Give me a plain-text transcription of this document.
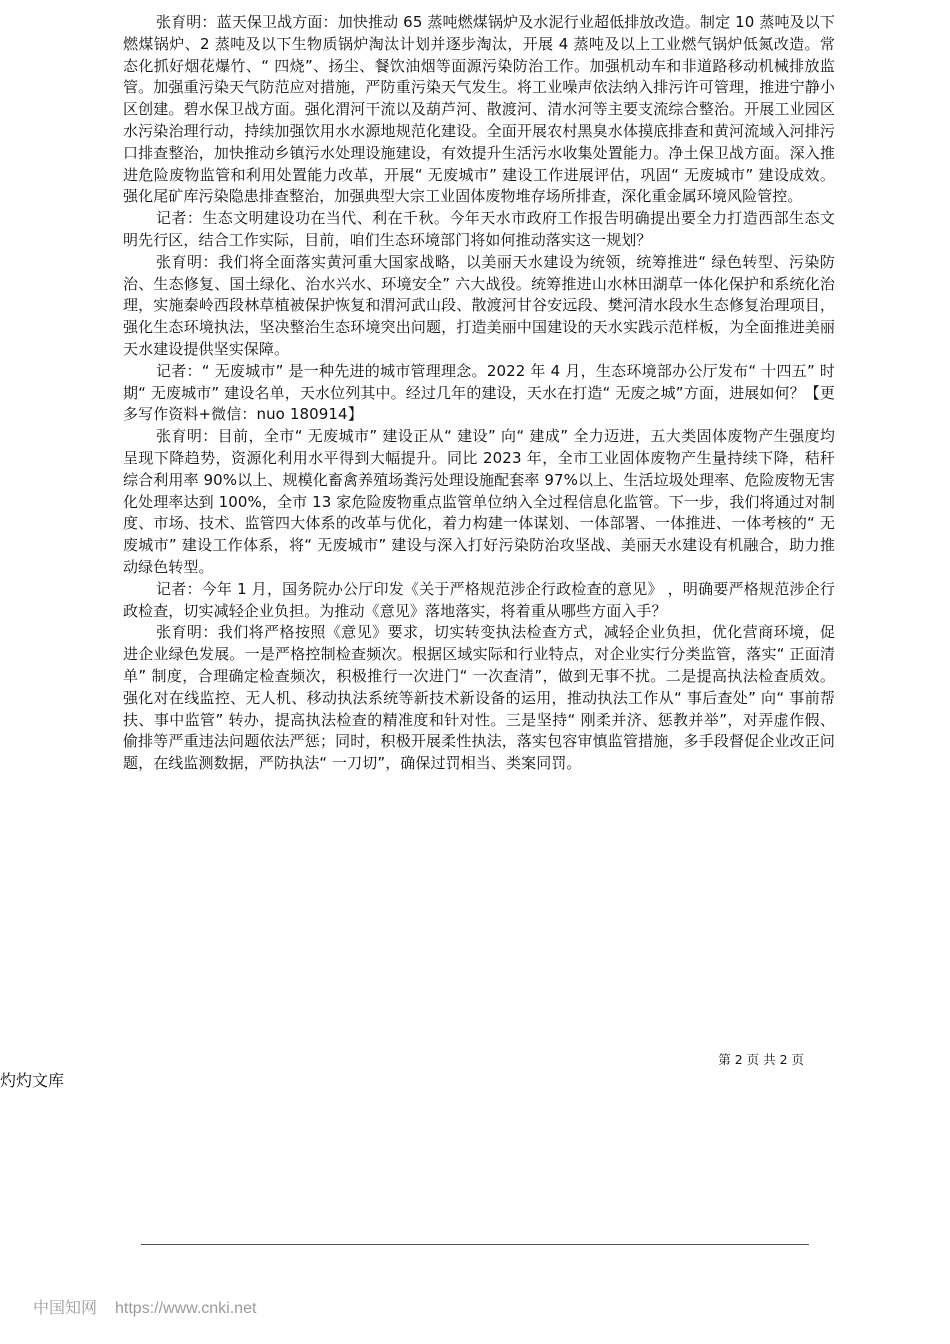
张育明：蓝天保卫战方面：加快推动 65 蒸吨燃煤锅炉及水泥行业超低排放改造。制定 10 蒸吨及以下燃煤锅炉、2 蒸吨及以下生物质锅炉淘汰计划并逐步淘汰，开展 4 蒸吨及以上工业燃气锅炉低氮改造。常态化抓好烟花爆竹、“ 四烧”、扬尘、餐饮油烟等面源污染防治工作。加强机动车和非道路移动机械排放监管。加强重污染天气防范应对措施，严防重污染天气发生。将工业噪声依法纳入排污许可管理，推进宁静小区创建。碧水保卫战方面。强化渭河干流以及葫芦河、散渡河、清水河等主要支流综合整治。开展工业园区水污染治理行动，持续加强饮用水水源地规范化建设。全面开展农村黑臭水体摸底排查和黄河流域入河排污口排查整治，加快推动乡镇污水处理设施建设，有效提升生活污水收集处置能力。净土保卫战方面。深入推进危险废物监管和利用处置能力改革，开展“ 无废城市” 建设工作进展评估，巩固“ 无废城市” 建设成效。强化尾矿库污染隐患排查整治，加强典型大宗工业固体废物堆存场所排查，深化重金属环境风险管控。

记者：生态文明建设功在当代、利在千秋。今年天水市政府工作报告明确提出要全力打造西部生态文明先行区，结合工作实际，目前，咱们生态环境部门将如何推动落实这一规划？

张育明：我们将全面落实黄河重大国家战略，以美丽天水建设为统领，统筹推进“ 绿色转型、污染防治、生态修复、国土绿化、治水兴水、环境安全” 六大战役。统筹推进山水林田湖草一体化保护和系统化治理，实施秦岭西段林草植被保护恢复和渭河武山段、散渡河甘谷安远段、樊河清水段水生态修复治理项目，强化生态环境执法，坚决整治生态环境突出问题，打造美丽中国建设的天水实践示范样板，为全面推进美丽天水建设提供坚实保障。

记者：“ 无废城市” 是一种先进的城市管理理念。2022 年 4 月，生态环境部办公厅发布“ 十四五” 时期“ 无废城市” 建设名单，天水位列其中。经过几年的建设，天水在打造“ 无废之城”方面，进展如何？【更多写作资料+微信：nuo 180914】

张育明：目前，全市“ 无废城市” 建设正从“ 建设” 向“ 建成” 全力迈进，五大类固体废物产生强度均呈现下降趋势，资源化利用水平得到大幅提升。同比 2023 年，全市工业固体废物产生量持续下降，秸秆综合利用率 90%以上、规模化畜禽养殖场粪污处理设施配套率 97%以上、生活垃圾处理率、危险废物无害化处理率达到 100%，全市 13 家危险废物重点监管单位纳入全过程信息化监管。下一步，我们将通过对制度、市场、技术、监管四大体系的改革与优化，着力构建一体谋划、一体部署、一体推进、一体考核的“ 无废城市” 建设工作体系，将“ 无废城市” 建设与深入打好污染防治攻坚战、美丽天水建设有机融合，助力推动绿色转型。

记者：今年 1 月，国务院办公厅印发《关于严格规范涉企行政检查的意见》 ，明确要严格规范涉企行政检查，切实减轻企业负担。为推动《意见》落地落实，将着重从哪些方面入手？

张育明：我们将严格按照《意见》要求，切实转变执法检查方式，减轻企业负担，优化营商环境，促进企业绿色发展。一是严格控制检查频次。根据区域实际和行业特点，对企业实行分类监管，落实“ 正面清单” 制度，合理确定检查频次，积极推行一次进门“ 一次查清”，做到无事不扰。二是提高执法检查质效。强化对在线监控、无人机、移动执法系统等新技术新设备的运用，推动执法工作从“ 事后查处” 向“ 事前帮扶、事中监管” 转办，提高执法检查的精准度和针对性。三是坚持“ 刚柔并济、惩教并举”，对弄虚作假、偷排等严重违法问题依法严惩；同时，积极开展柔性执法，落实包容审慎监管措施，多手段督促企业改正问题，在线监测数据，严防执法“ 一刀切”，确保过罚相当、类案同罚。

第 2 页 共 2 页
灼灼文库
中国知网 https://www.cnki.net
